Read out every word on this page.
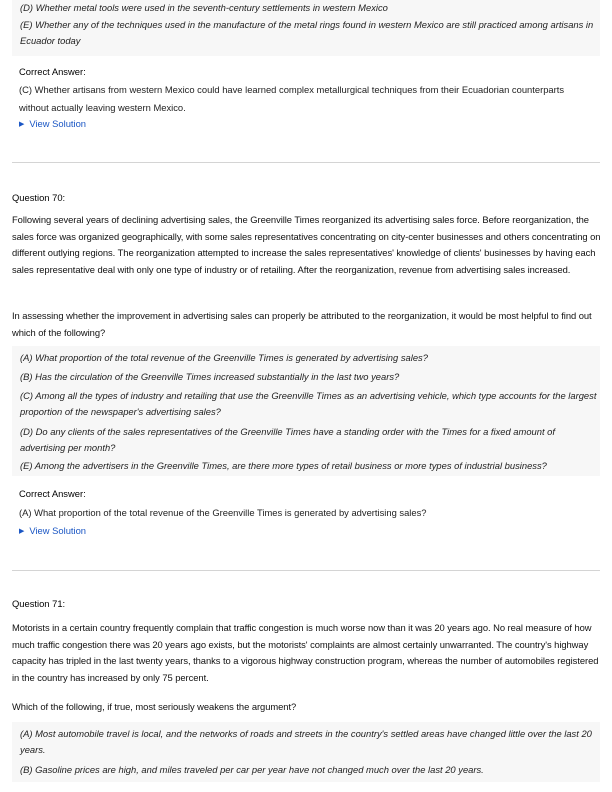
(D) Whether metal tools were used in the seventh-century settlements in western Mexico
(E) Whether any of the techniques used in the manufacture of the metal rings found in western Mexico are still practiced among artisans in Ecuador today
Correct Answer:
(C) Whether artisans from western Mexico could have learned complex metallurgical techniques from their Ecuadorian counterparts without actually leaving western Mexico.
▶ View Solution
Question 70:
Following several years of declining advertising sales, the Greenville Times reorganized its advertising sales force. Before reorganization, the sales force was organized geographically, with some sales representatives concentrating on city-center businesses and others concentrating on different outlying regions. The reorganization attempted to increase the sales representatives' knowledge of clients' businesses by having each sales representative deal with only one type of industry or of retailing. After the reorganization, revenue from advertising sales increased.
In assessing whether the improvement in advertising sales can properly be attributed to the reorganization, it would be most helpful to find out which of the following?
(A) What proportion of the total revenue of the Greenville Times is generated by advertising sales?
(B) Has the circulation of the Greenville Times increased substantially in the last two years?
(C) Among all the types of industry and retailing that use the Greenville Times as an advertising vehicle, which type accounts for the largest proportion of the newspaper's advertising sales?
(D) Do any clients of the sales representatives of the Greenville Times have a standing order with the Times for a fixed amount of advertising per month?
(E) Among the advertisers in the Greenville Times, are there more types of retail business or more types of industrial business?
Correct Answer:
(A) What proportion of the total revenue of the Greenville Times is generated by advertising sales?
▶ View Solution
Question 71:
Motorists in a certain country frequently complain that traffic congestion is much worse now than it was 20 years ago. No real measure of how much traffic congestion there was 20 years ago exists, but the motorists' complaints are almost certainly unwarranted. The country's highway capacity has tripled in the last twenty years, thanks to a vigorous highway construction program, whereas the number of automobiles registered in the country has increased by only 75 percent.
Which of the following, if true, most seriously weakens the argument?
(A) Most automobile travel is local, and the networks of roads and streets in the country's settled areas have changed little over the last 20 years.
(B) Gasoline prices are high, and miles traveled per car per year have not changed much over the last 20 years.
